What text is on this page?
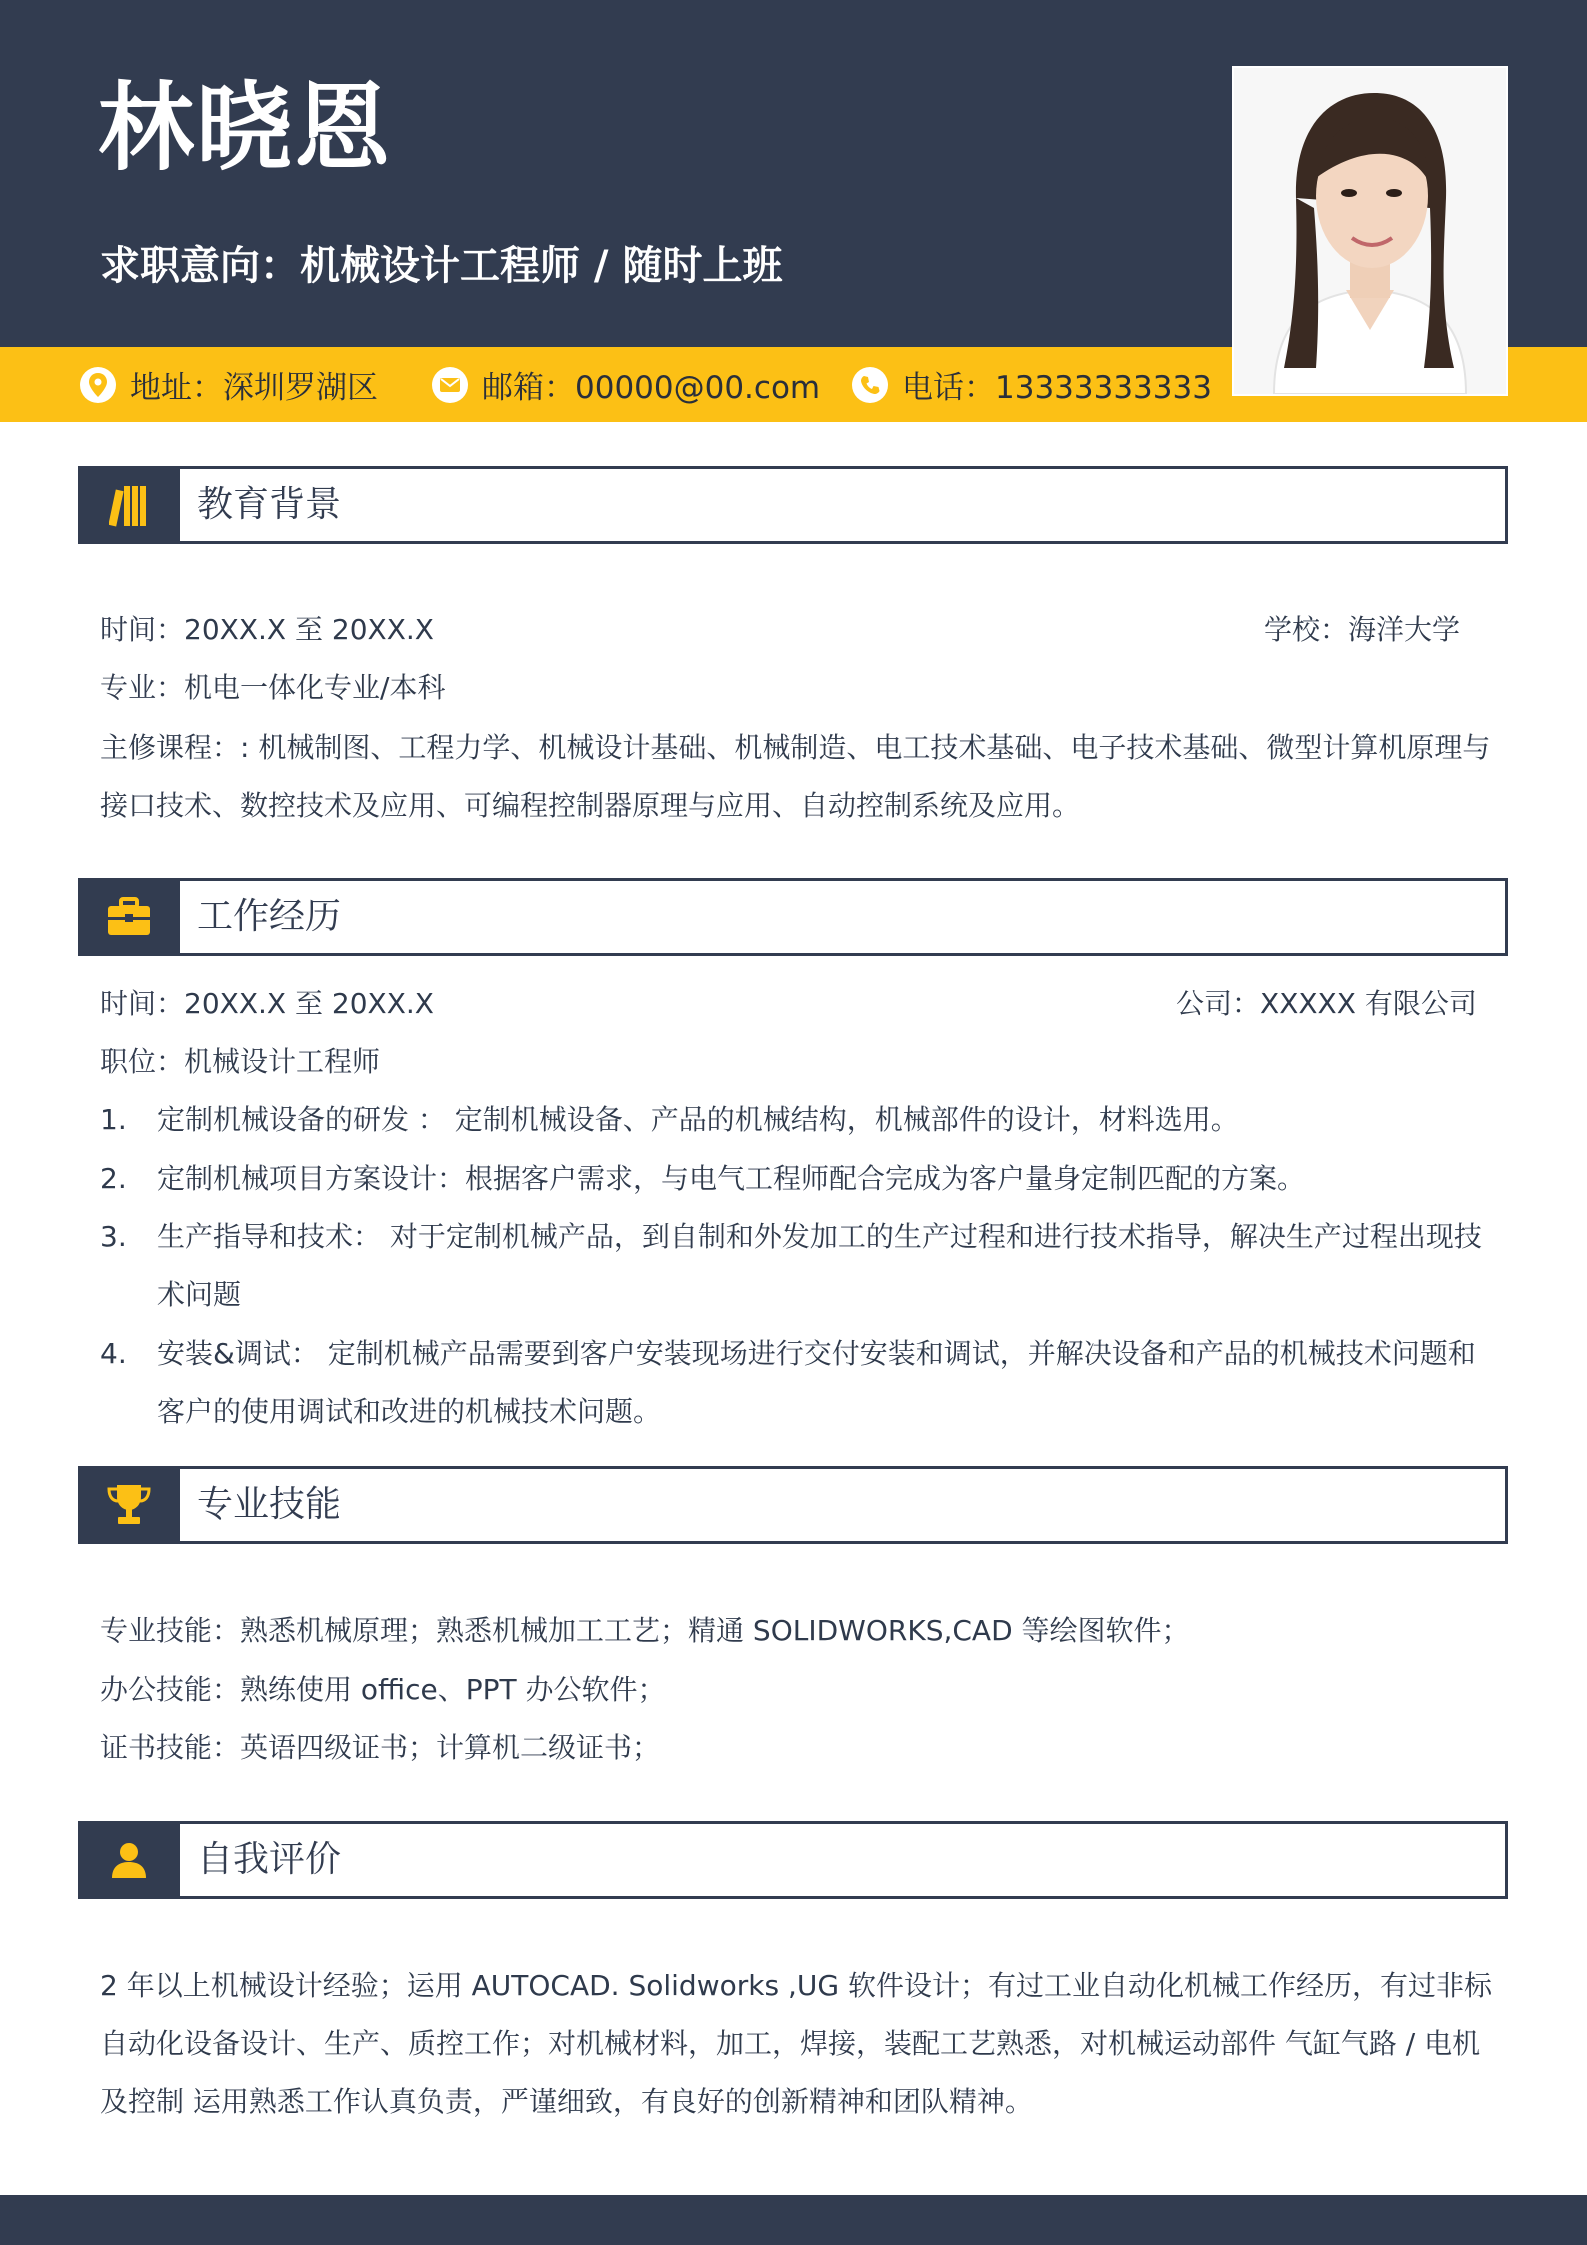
林晓恩
求职意向：机械设计工程师 / 随时上班
地址：深圳罗湖区	邮箱：00000@00.com	电话：13333333333
教育背景
时间：20XX.X 至 20XX.X	学校：海洋大学
专业：机电一体化专业/本科
主修课程：: 机械制图、工程力学、机械设计基础、机械制造、电工技术基础、电子技术基础、微型计算机原理与接口技术、数控技术及应用、可编程控制器原理与应用、自动控制系统及应用。
工作经历
时间：20XX.X 至 20XX.X	公司：XXXXX 有限公司
职位：机械设计工程师
1. 定制机械设备的研发 ： 定制机械设备、产品的机械结构，机械部件的设计，材料选用。
2. 定制机械项目方案设计：根据客户需求，与电气工程师配合完成为客户量身定制匹配的方案。
3. 生产指导和技术： 对于定制机械产品，到自制和外发加工的生产过程和进行技术指导，解决生产过程出现技术问题
4. 安装&调试： 定制机械产品需要到客户安装现场进行交付安装和调试，并解决设备和产品的机械技术问题和客户的使用调试和改进的机械技术问题。
专业技能
专业技能：熟悉机械原理；熟悉机械加工工艺；精通 SOLIDWORKS,CAD 等绘图软件；
办公技能：熟练使用 office、PPT 办公软件；
证书技能：英语四级证书；计算机二级证书；
自我评价
2 年以上机械设计经验；运用 AUTOCAD. Solidworks ,UG 软件设计；有过工业自动化机械工作经历，有过非标自动化设备设计、生产、质控工作；对机械材料，加工，焊接，装配工艺熟悉，对机械运动部件 气缸气路 / 电机及控制 运用熟悉工作认真负责，严谨细致，有良好的创新精神和团队精神。
